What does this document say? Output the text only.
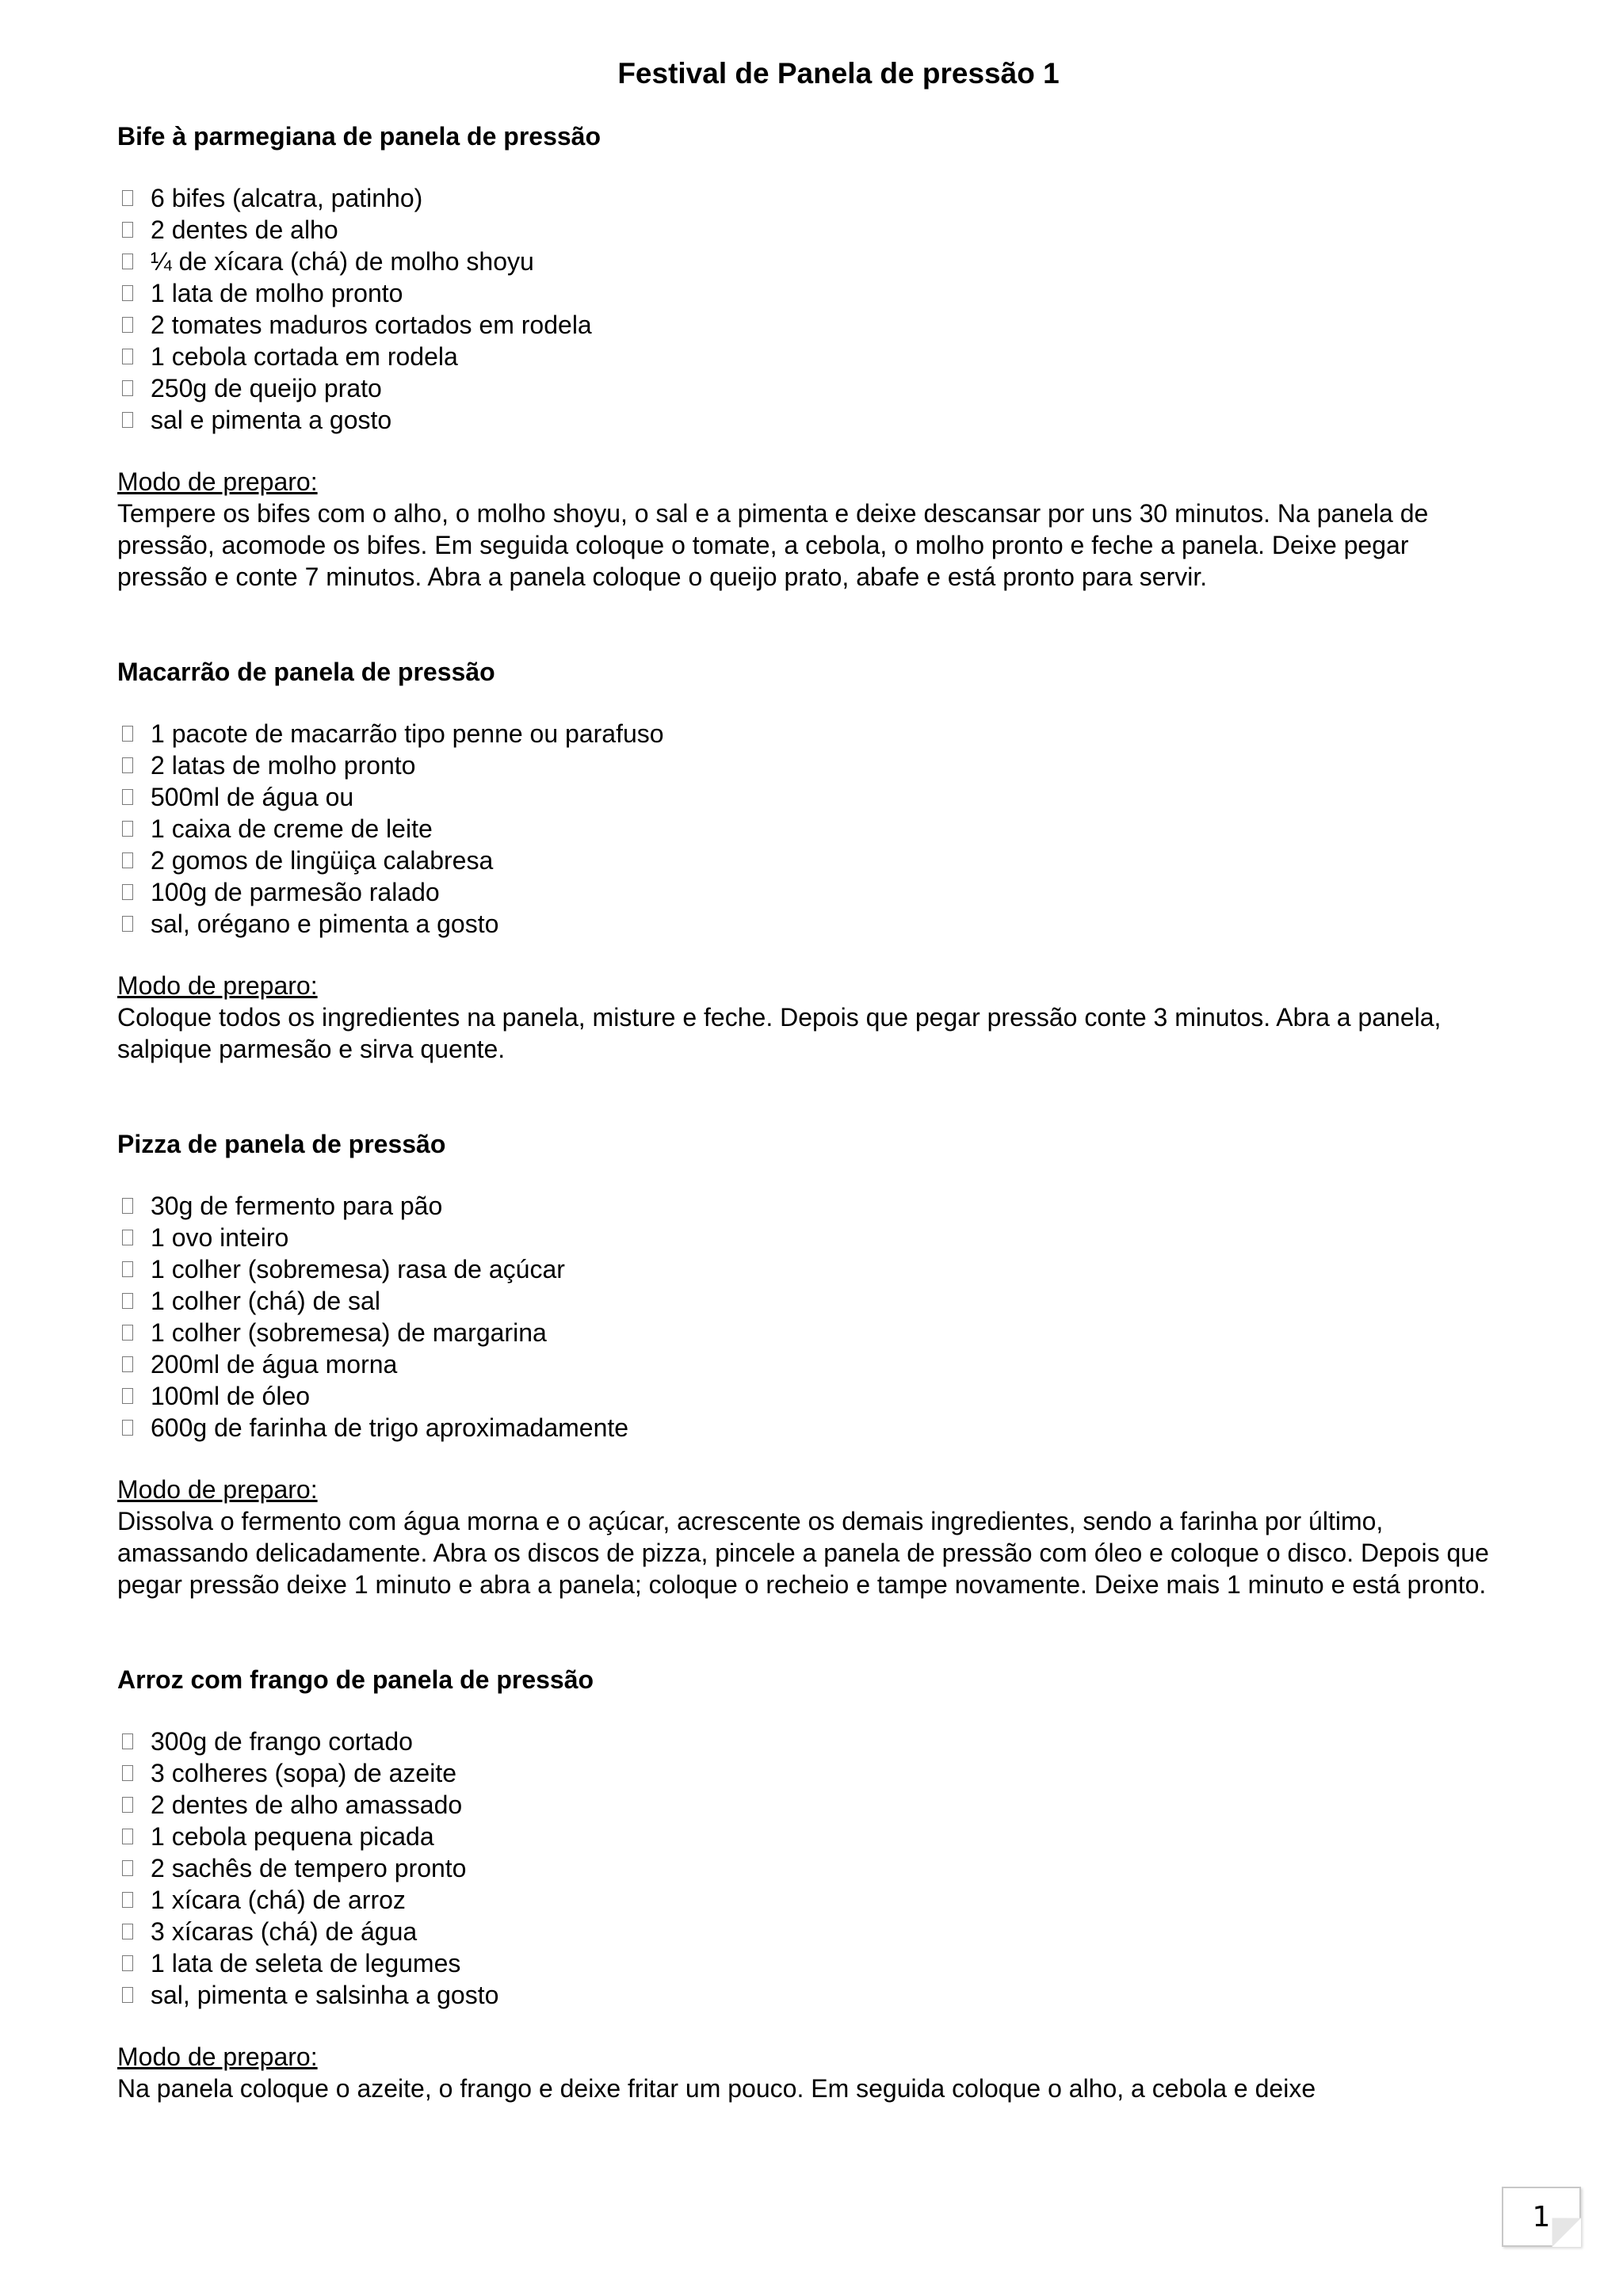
Festival de Panela de pressão 1
Bife à parmegiana de panela de pressão
6 bifes (alcatra, patinho)
2 dentes de alho
¼ de xícara (chá) de molho shoyu
1 lata de molho pronto
2 tomates maduros cortados em rodela
1 cebola cortada em rodela
250g de queijo prato
sal e pimenta a gosto

Modo de preparo:

Tempere os bifes com o alho, o molho shoyu, o sal e a pimenta e deixe descansar por uns 30 minutos. Na panela de pressão, acomode os bifes. Em seguida coloque o tomate, a cebola, o molho pronto e feche a panela. Deixe pegar pressão e conte 7 minutos. Abra a panela coloque o queijo prato, abafe e está pronto para servir.

Macarrão de panela de pressão
1 pacote de macarrão tipo penne ou parafuso
2 latas de molho pronto
500ml de água ou
1 caixa de creme de leite
2 gomos de lingüiça calabresa
100g de parmesão ralado
sal, orégano e pimenta a gosto

Modo de preparo:

Coloque todos os ingredientes na panela, misture e feche. Depois que pegar pressão conte 3 minutos. Abra a panela, salpique parmesão e sirva quente.

Pizza de panela de pressão
30g de fermento para pão
1 ovo inteiro
1 colher (sobremesa) rasa de açúcar
1 colher (chá) de sal
1 colher (sobremesa) de margarina
200ml de água morna
100ml de óleo
600g de farinha de trigo aproximadamente

Modo de preparo:

Dissolva o fermento com água morna e o açúcar, acrescente os demais ingredientes, sendo a farinha por último, amassando delicadamente. Abra os discos de pizza, pincele a panela de pressão com óleo e coloque o disco. Depois que pegar pressão deixe 1 minuto e abra a panela; coloque o recheio e tampe novamente. Deixe mais 1 minuto e está pronto.

Arroz com frango de panela de pressão
300g de frango cortado
3 colheres (sopa) de azeite
2 dentes de alho amassado
1 cebola pequena picada
2 sachês de tempero pronto
1 xícara (chá) de arroz
3 xícaras (chá) de água
1 lata de seleta de legumes
sal, pimenta e salsinha a gosto

Modo de preparo:

Na panela coloque o azeite, o frango e deixe fritar um pouco. Em seguida coloque o alho, a cebola e deixe

1
